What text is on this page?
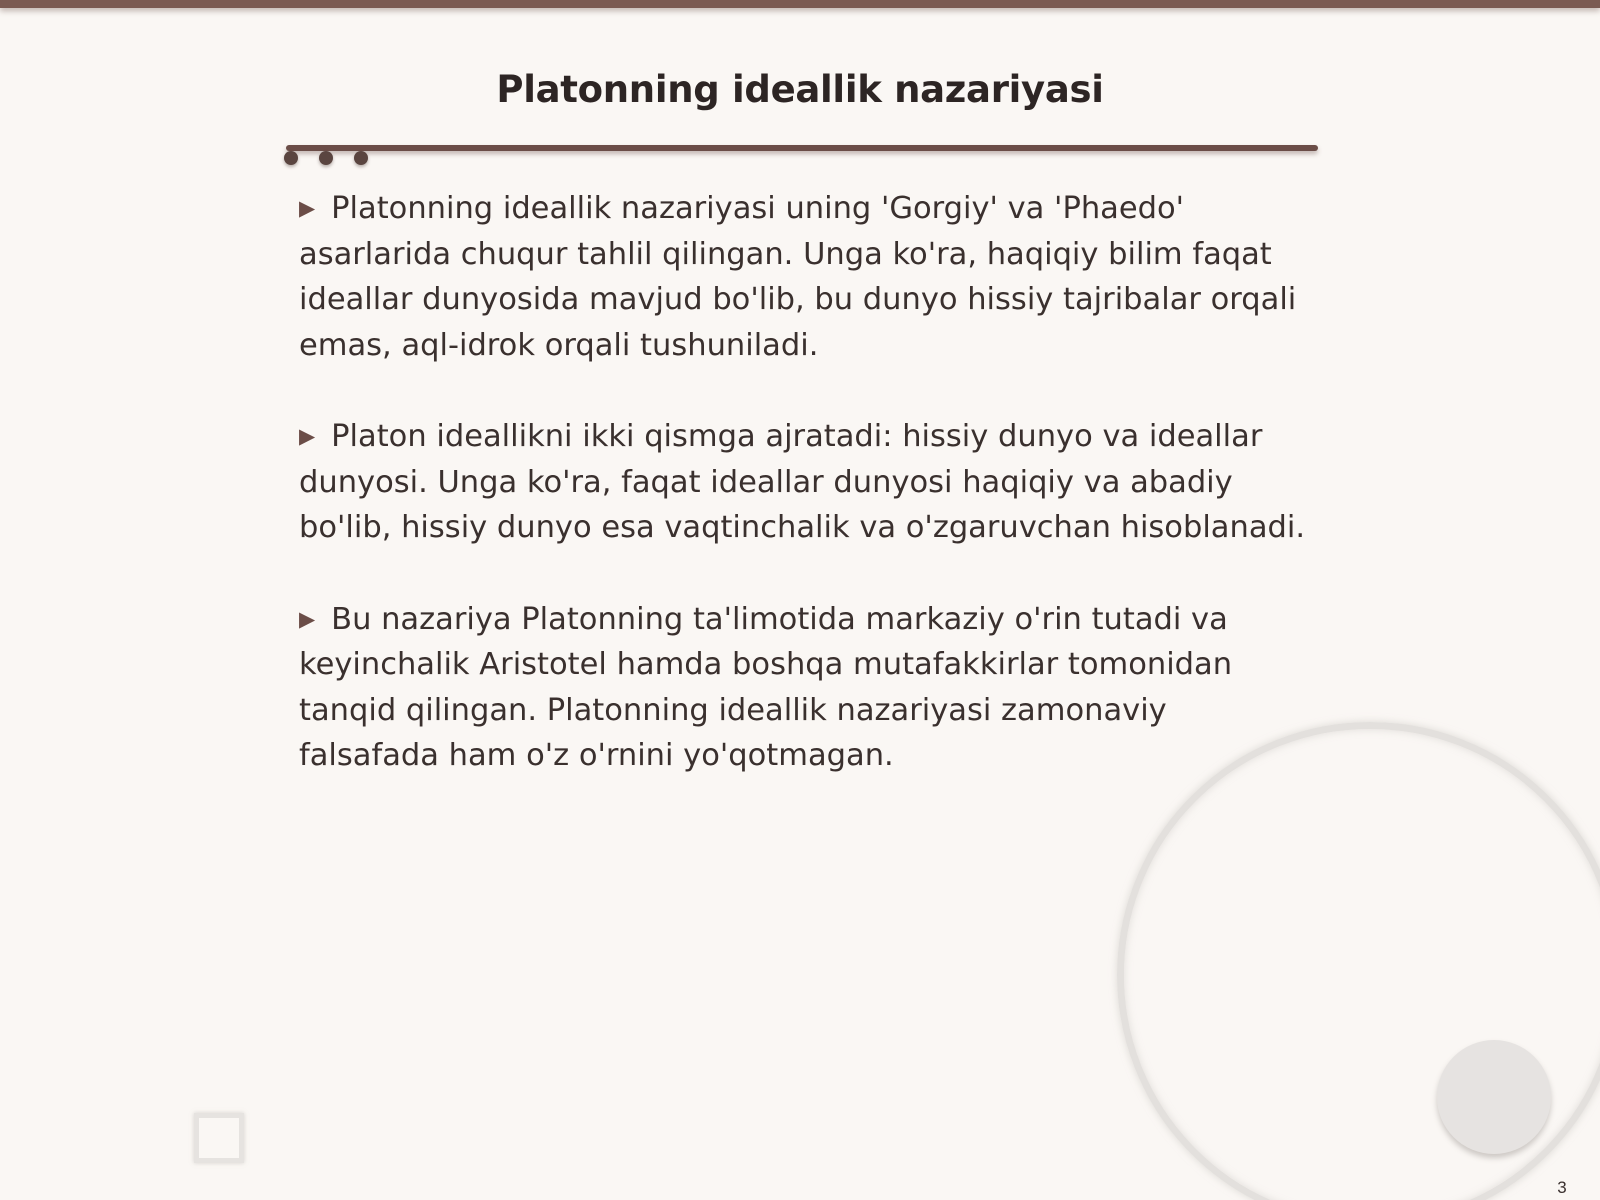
Platonning ideallik nazariyasi

▶ Platonning ideallik nazariyasi uning 'Gorgiy' va 'Phaedo' asarlarida chuqur tahlil qilingan. Unga ko'ra, haqiqiy bilim faqat ideallar dunyosida mavjud bo'lib, bu dunyo hissiy tajribalar orqali emas, aql-idrok orqali tushuniladi.

▶ Platon ideallikni ikki qismga ajratadi: hissiy dunyo va ideallar dunyosi. Unga ko'ra, faqat ideallar dunyosi haqiqiy va abadiy bo'lib, hissiy dunyo esa vaqtinchalik va o'zgaruvchan hisoblanadi.

▶ Bu nazariya Platonning ta'limotida markaziy o'rin tutadi va keyinchalik Aristotel hamda boshqa mutafakkirlar tomonidan tanqid qilingan. Platonning ideallik nazariyasi zamonaviy falsafada ham o'z o'rnini yo'qotmagan.

3
